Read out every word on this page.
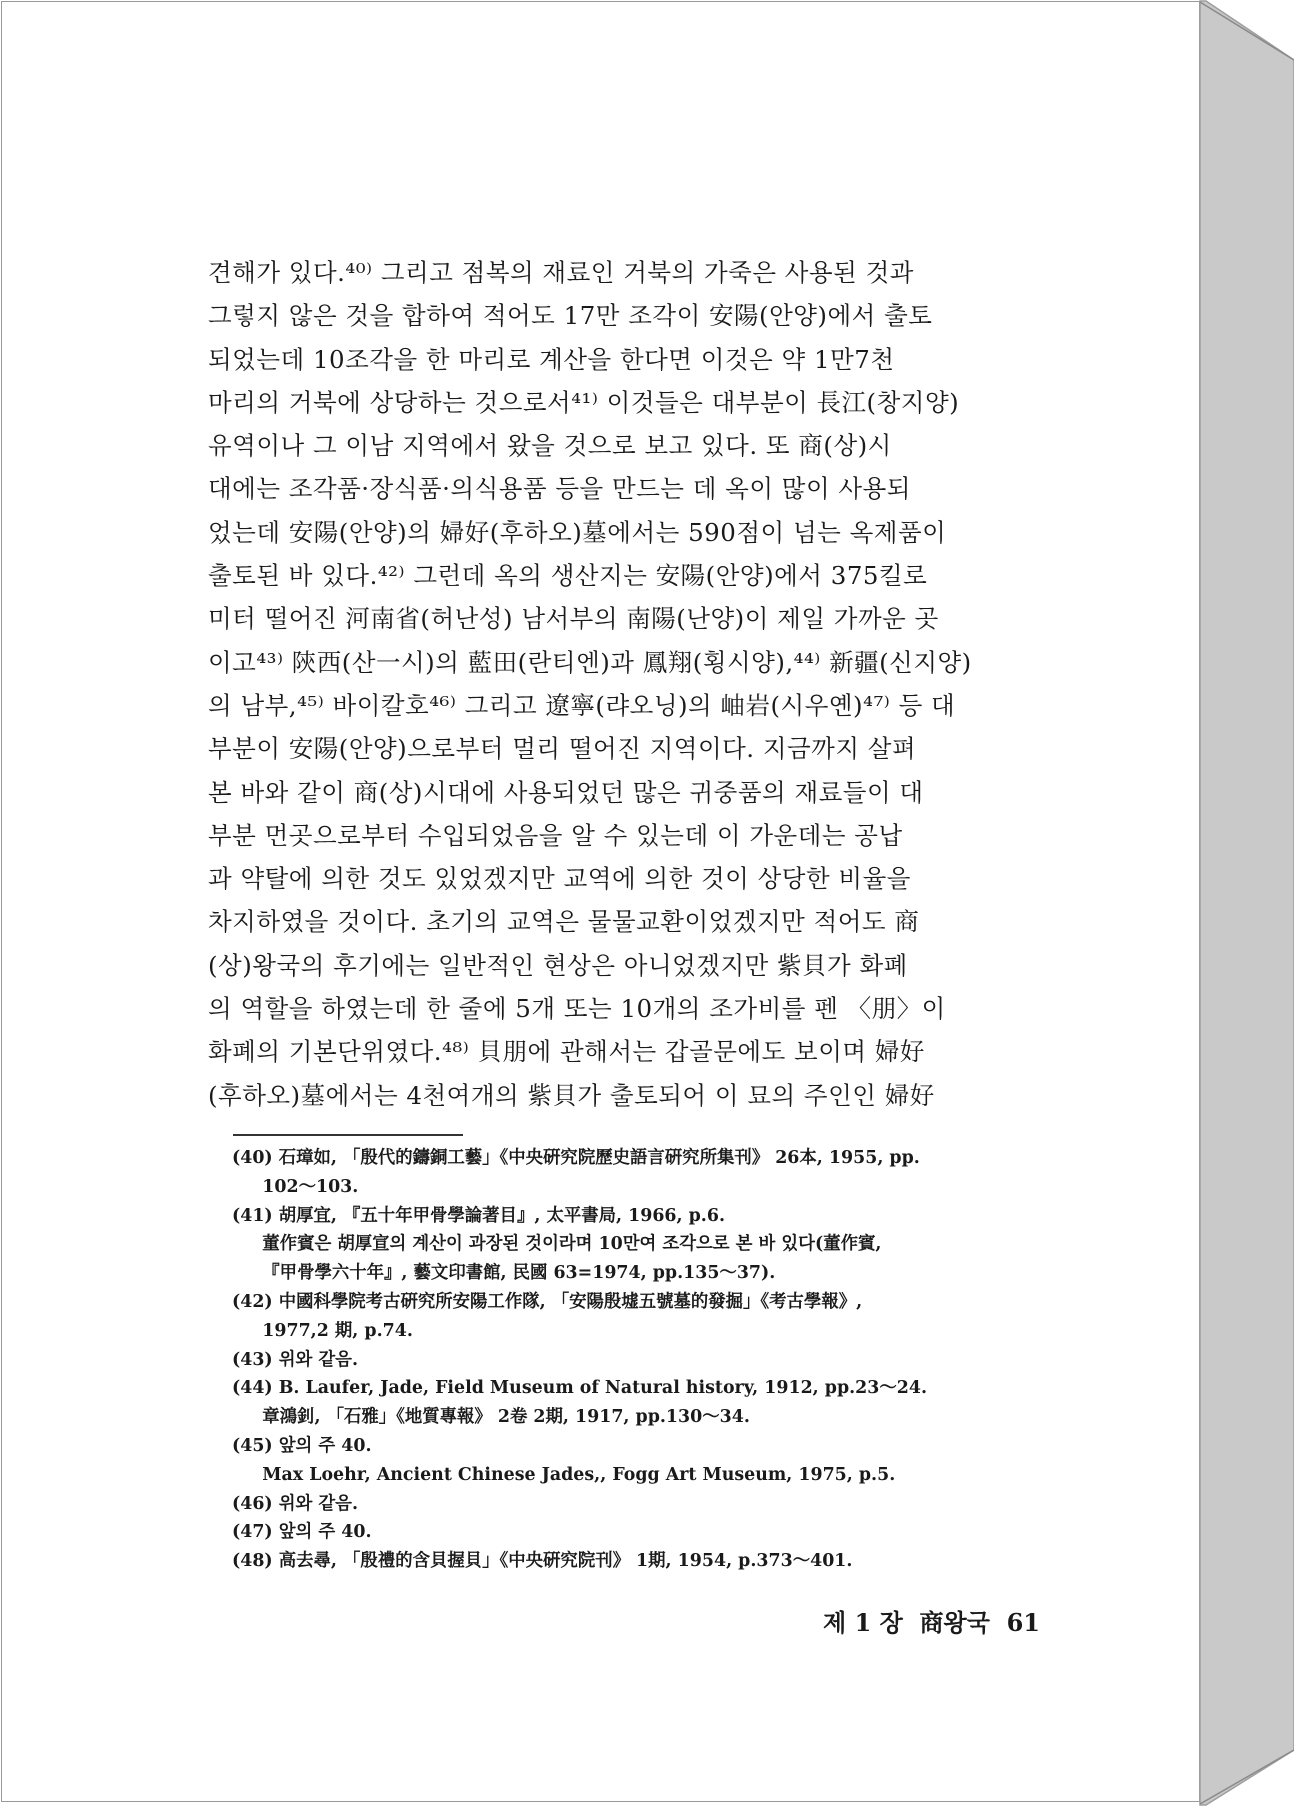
견해가 있다.⁴⁰⁾ 그리고 점복의 재료인 거북의 가죽은 사용된 것과
그렇지 않은 것을 합하여 적어도 17만 조각이 安陽(안양)에서 출토
되었는데 10조각을 한 마리로 계산을 한다면 이것은 약 1만7천
마리의 거북에 상당하는 것으로서⁴¹⁾ 이것들은 대부분이 長江(창지양)
유역이나 그 이남 지역에서 왔을 것으로 보고 있다. 또 商(상)시
대에는 조각품·장식품·의식용품 등을 만드는 데 옥이 많이 사용되
었는데 安陽(안양)의 婦好(후하오)墓에서는 590점이 넘는 옥제품이
출토된 바 있다.⁴²⁾ 그런데 옥의 생산지는 安陽(안양)에서 375킬로
미터 떨어진 河南省(허난성) 남서부의 南陽(난양)이 제일 가까운 곳
이고⁴³⁾ 陝西(산一시)의 藍田(란티엔)과 鳳翔(횡시양),⁴⁴⁾ 新疆(신지양)
의 남부,⁴⁵⁾ 바이칼호⁴⁶⁾ 그리고 遼寧(랴오닝)의 岫岩(시우옌)⁴⁷⁾ 등 대
부분이 安陽(안양)으로부터 멀리 떨어진 지역이다. 지금까지 살펴
본 바와 같이 商(상)시대에 사용되었던 많은 귀중품의 재료들이 대
부분 먼곳으로부터 수입되었음을 알 수 있는데 이 가운데는 공납
과 약탈에 의한 것도 있었겠지만 교역에 의한 것이 상당한 비율을
차지하였을 것이다. 초기의 교역은 물물교환이었겠지만 적어도 商
(상)왕국의 후기에는 일반적인 현상은 아니었겠지만 紫貝가 화폐
의 역할을 하였는데 한 줄에 5개 또는 10개의 조가비를 펜 〈朋〉이
화폐의 기본단위였다.⁴⁸⁾ 貝朋에 관해서는 갑골문에도 보이며 婦好
(후하오)墓에서는 4천여개의 紫貝가 출토되어 이 묘의 주인인 婦好
(40) 石璋如, 「殷代的鑄銅工藝」《中央硏究院歷史語言硏究所集刊》 26本, 1955, pp.
102～103.
(41) 胡厚宜, 『五十年甲骨學論著目』, 太平書局, 1966, p.6.
董作賓은 胡厚宣의 계산이 과장된 것이라며 10만여 조각으로 본 바 있다(董作賓,
『甲骨學六十年』, 藝文印書館, 民國 63=1974, pp.135～37).
(42) 中國科學院考古硏究所安陽工作隊, 「安陽殷墟五號墓的發掘」《考古學報》,
1977,2 期, p.74.
(43) 위와 같음.
(44) B. Laufer, Jade, Field Museum of Natural history, 1912, pp.23～24.
章鴻釗, 「石雅」《地質專報》 2卷 2期, 1917, pp.130～34.
(45) 앞의 주 40.
Max Loehr, Ancient Chinese Jades,, Fogg Art Museum, 1975, p.5.
(46) 위와 같음.
(47) 앞의 주 40.
(48) 高去尋, 「殷禮的含貝握貝」《中央硏究院刊》 1期, 1954, p.373～401.
제 1 장  商왕국  61
